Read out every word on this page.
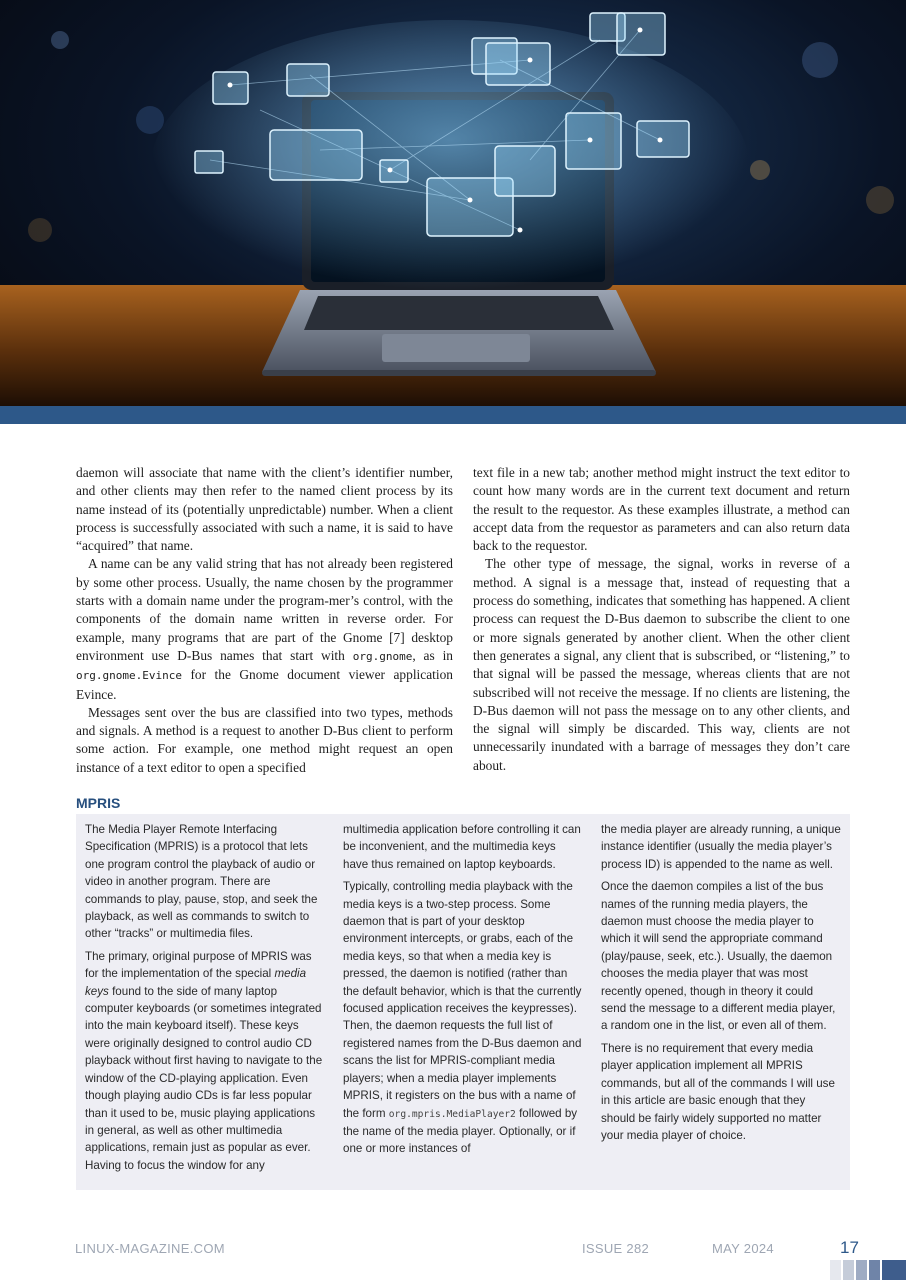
daemon will associate that name with the client’s identifier number, and other clients may then refer to the named client process by its name instead of its (potentially unpredictable) number. When a client process is successfully associated with such a name, it is said to have “acquired” that name.

A name can be any valid string that has not already been registered by some other process. Usually, the name chosen by the programmer starts with a domain name under the program-mer’s control, with the components of the domain name written in reverse order. For example, many programs that are part of the Gnome [7] desktop environment use D-Bus names that start with org.gnome, as in org.gnome.Evince for the Gnome document viewer application Evince.

Messages sent over the bus are classified into two types, methods and signals. A method is a request to another D-Bus client to perform some action. For example, one method might request an open instance of a text editor to open a specified

text file in a new tab; another method might instruct the text editor to count how many words are in the current text document and return the result to the requestor. As these examples illustrate, a method can accept data from the requestor as parameters and can also return data back to the requestor.

The other type of message, the signal, works in reverse of a method. A signal is a message that, instead of requesting that a process do something, indicates that something has happened. A client process can request the D-Bus daemon to subscribe the client to one or more signals generated by another client. When the other client then generates a signal, any client that is subscribed, or “listening,” to that signal will be passed the message, whereas clients that are not subscribed will not receive the message. If no clients are listening, the D-Bus daemon will not pass the message on to any other clients, and the signal will simply be discarded. This way, clients are not unnecessarily inundated with a barrage of messages they don’t care about.

MPRIS

The Media Player Remote Interfacing Specification (MPRIS) is a protocol that lets one program control the playback of audio or video in another program. There are commands to play, pause, stop, and seek the playback, as well as commands to switch to other “tracks” or multimedia files.

The primary, original purpose of MPRIS was for the implementation of the special media keys found to the side of many laptop computer keyboards (or sometimes integrated into the main keyboard itself). These keys were originally designed to control audio CD playback without first having to navigate to the window of the CD-playing application. Even though playing audio CDs is far less popular than it used to be, music playing applications in general, as well as other multimedia applications, remain just as popular as ever. Having to focus the window for any

multimedia application before controlling it can be inconvenient, and the multimedia keys have thus remained on laptop keyboards.

Typically, controlling media playback with the media keys is a two-step process. Some daemon that is part of your desktop environment intercepts, or grabs, each of the media keys, so that when a media key is pressed, the daemon is notified (rather than the default behavior, which is that the currently focused application receives the keypresses). Then, the daemon requests the full list of registered names from the D-Bus daemon and scans the list for MPRIS-compliant media players; when a media player implements MPRIS, it registers on the bus with a name of the form org.mpris.MediaPlayer2 followed by the name of the media player. Optionally, or if one or more instances of

the media player are already running, a unique instance identifier (usually the media player’s process ID) is appended to the name as well.

Once the daemon compiles a list of the bus names of the running media players, the daemon must choose the media player to which it will send the appropriate command (play/pause, seek, etc.). Usually, the daemon chooses the media player that was most recently opened, though in theory it could send the message to a different media player, a random one in the list, or even all of them.

There is no requirement that every media player application implement all MPRIS commands, but all of the commands I will use in this article are basic enough that they should be fairly widely supported no matter your media player of choice.

LINUX-MAGAZINE.COM	ISSUE 282	MAY 2024	17
